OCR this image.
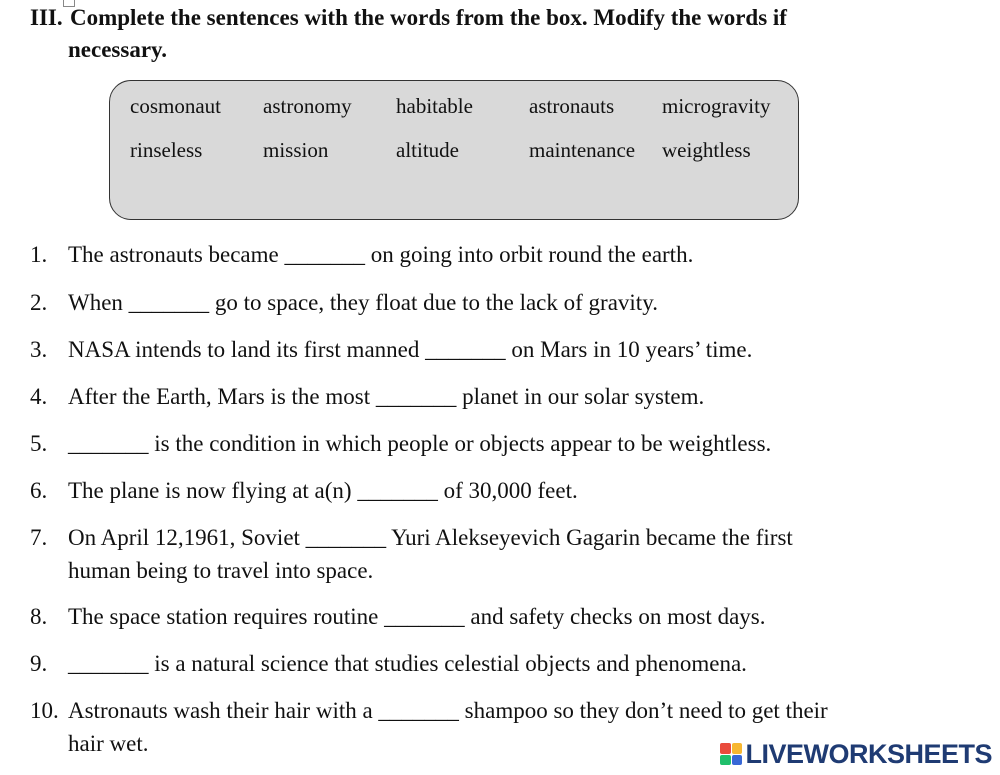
III. Complete the sentences with the words from the box. Modify the words if
necessary.
cosmonaut astronomy habitable	astronauts microgravity
rinseless	mission	altitude	maintenance weightless
1. The astronauts became _______ on going into orbit round the earth.
2. When _______ go to space, they float due to the lack of gravity.
3. NASA intends to land its first manned _______ on Mars in 10 years’ time.
4. After the Earth, Mars is the most _______ planet in our solar system.
5. _______ is the condition in which people or objects appear to be weightless.
6. The plane is now flying at a(n) _______ of 30,000 feet.
7. On April 12,1961, Soviet _______ Yuri Alekseyevich Gagarin became the first
human being to travel into space.
8. The space station requires routine _______ and safety checks on most days.
9. _______ is a natural science that studies celestial objects and phenomena.
10. Astronauts wash their hair with a _______ shampoo so they don’t need to get their
hair wet.	LIVEWORKSHEETS
